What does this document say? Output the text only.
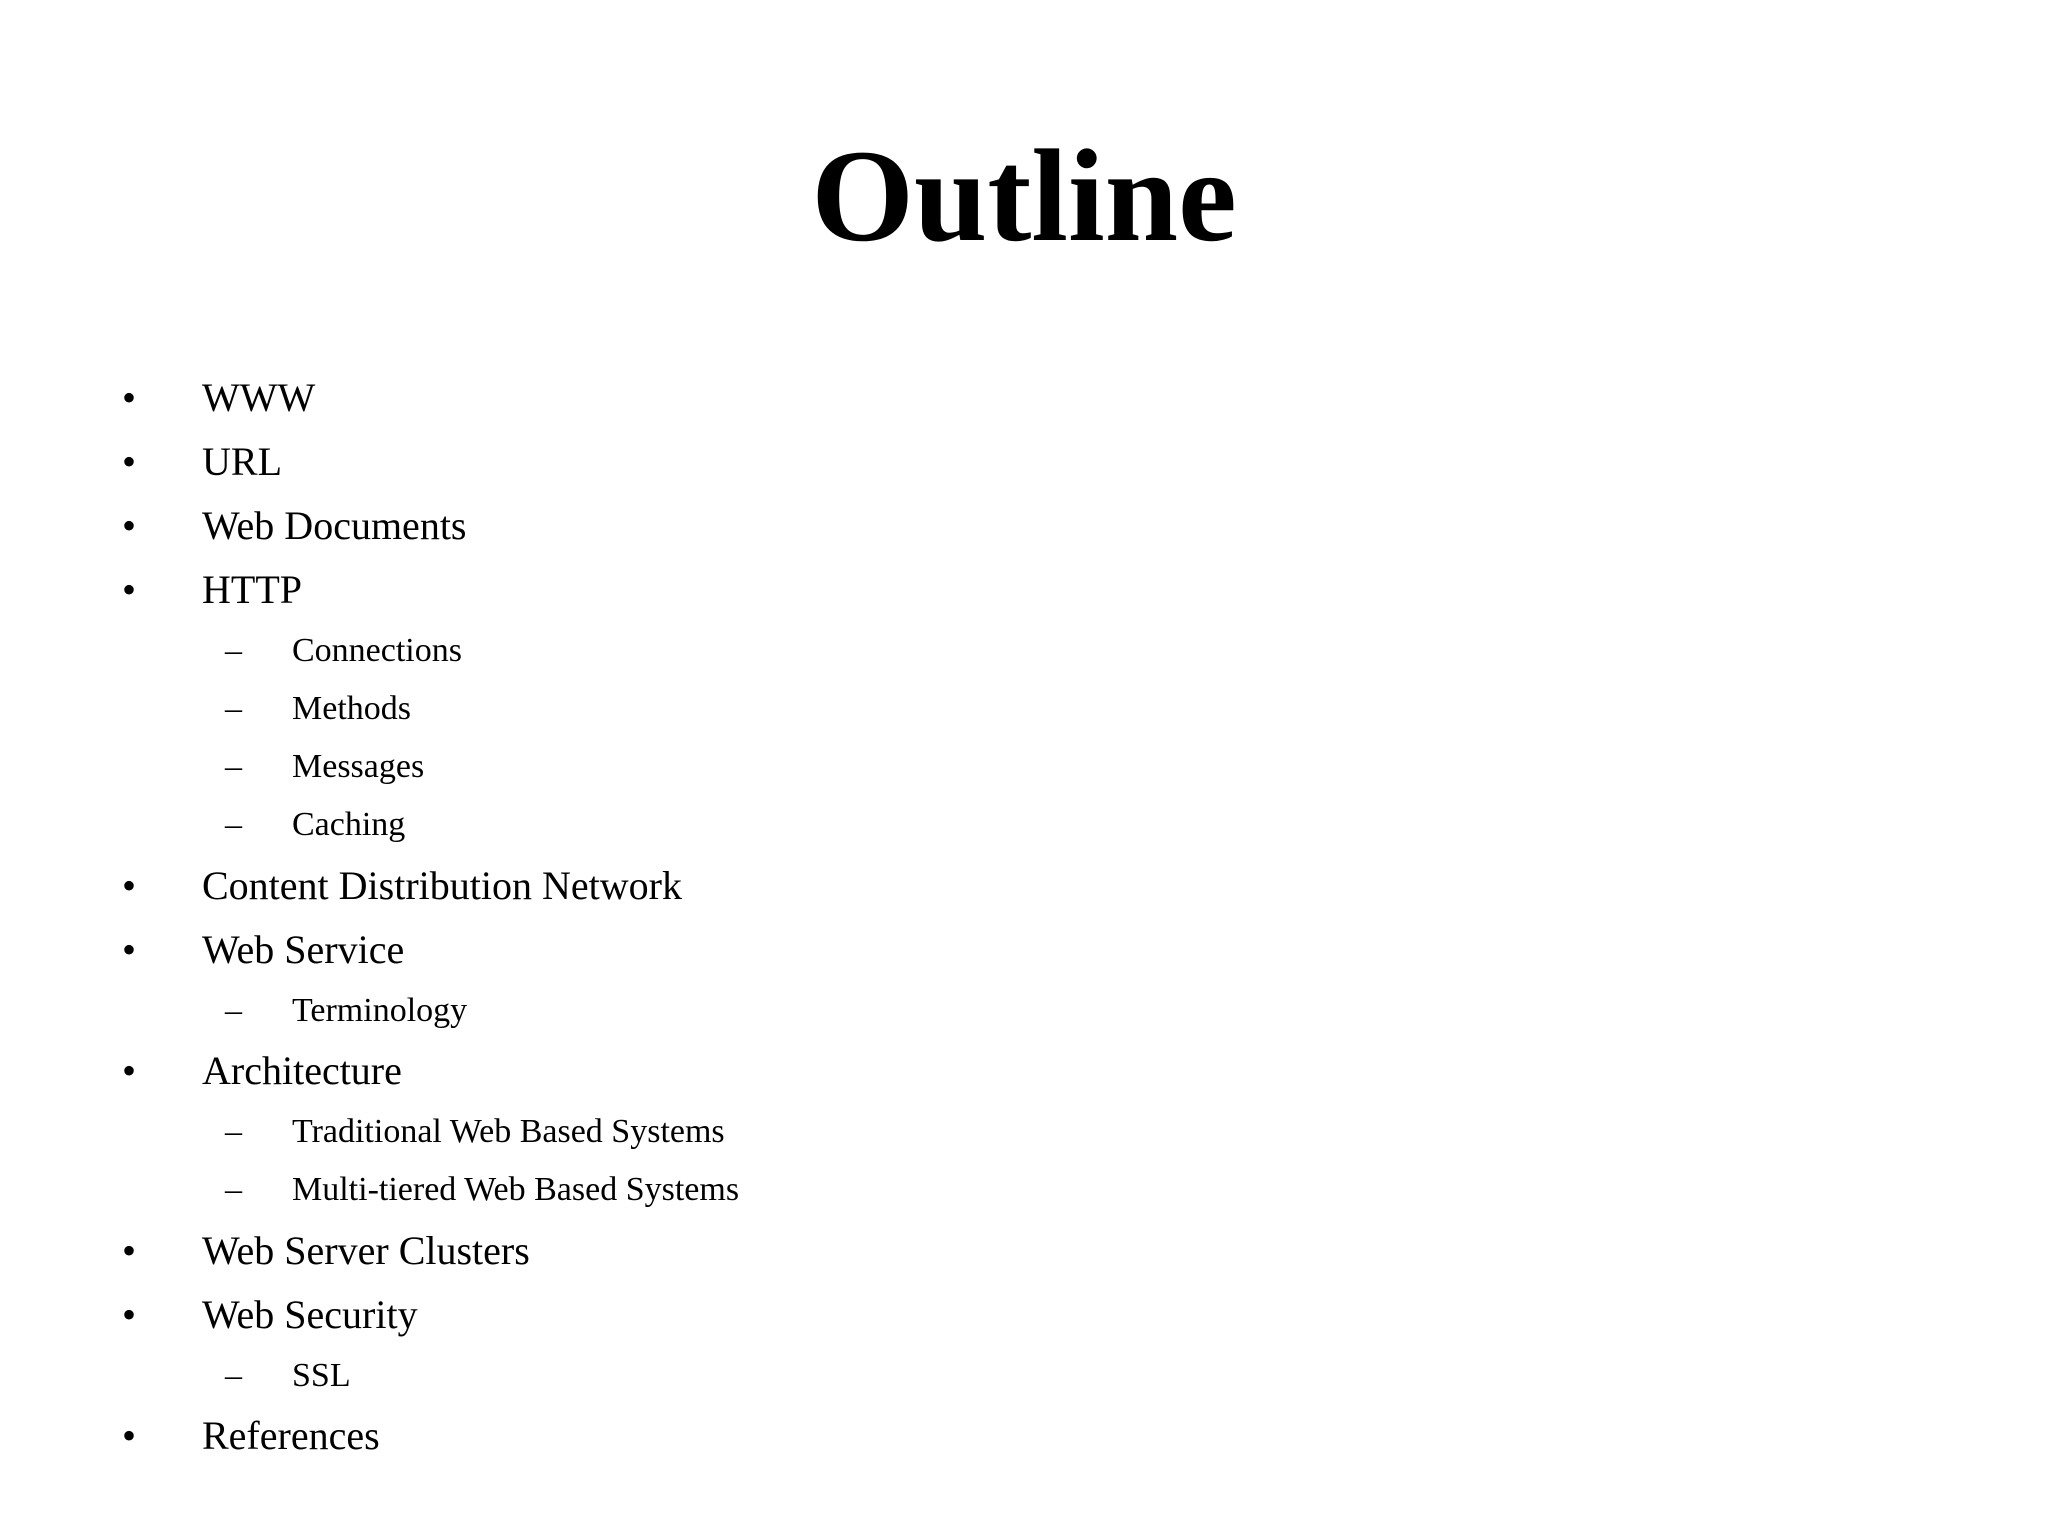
Outline
• WWW
• URL
• Web Documents
• HTTP
– Connections
– Methods
– Messages
– Caching
• Content Distribution Network
• Web Service
– Terminology
• Architecture
– Traditional Web Based Systems
– Multi-tiered Web Based Systems
• Web Server Clusters
• Web Security
– SSL
• References
